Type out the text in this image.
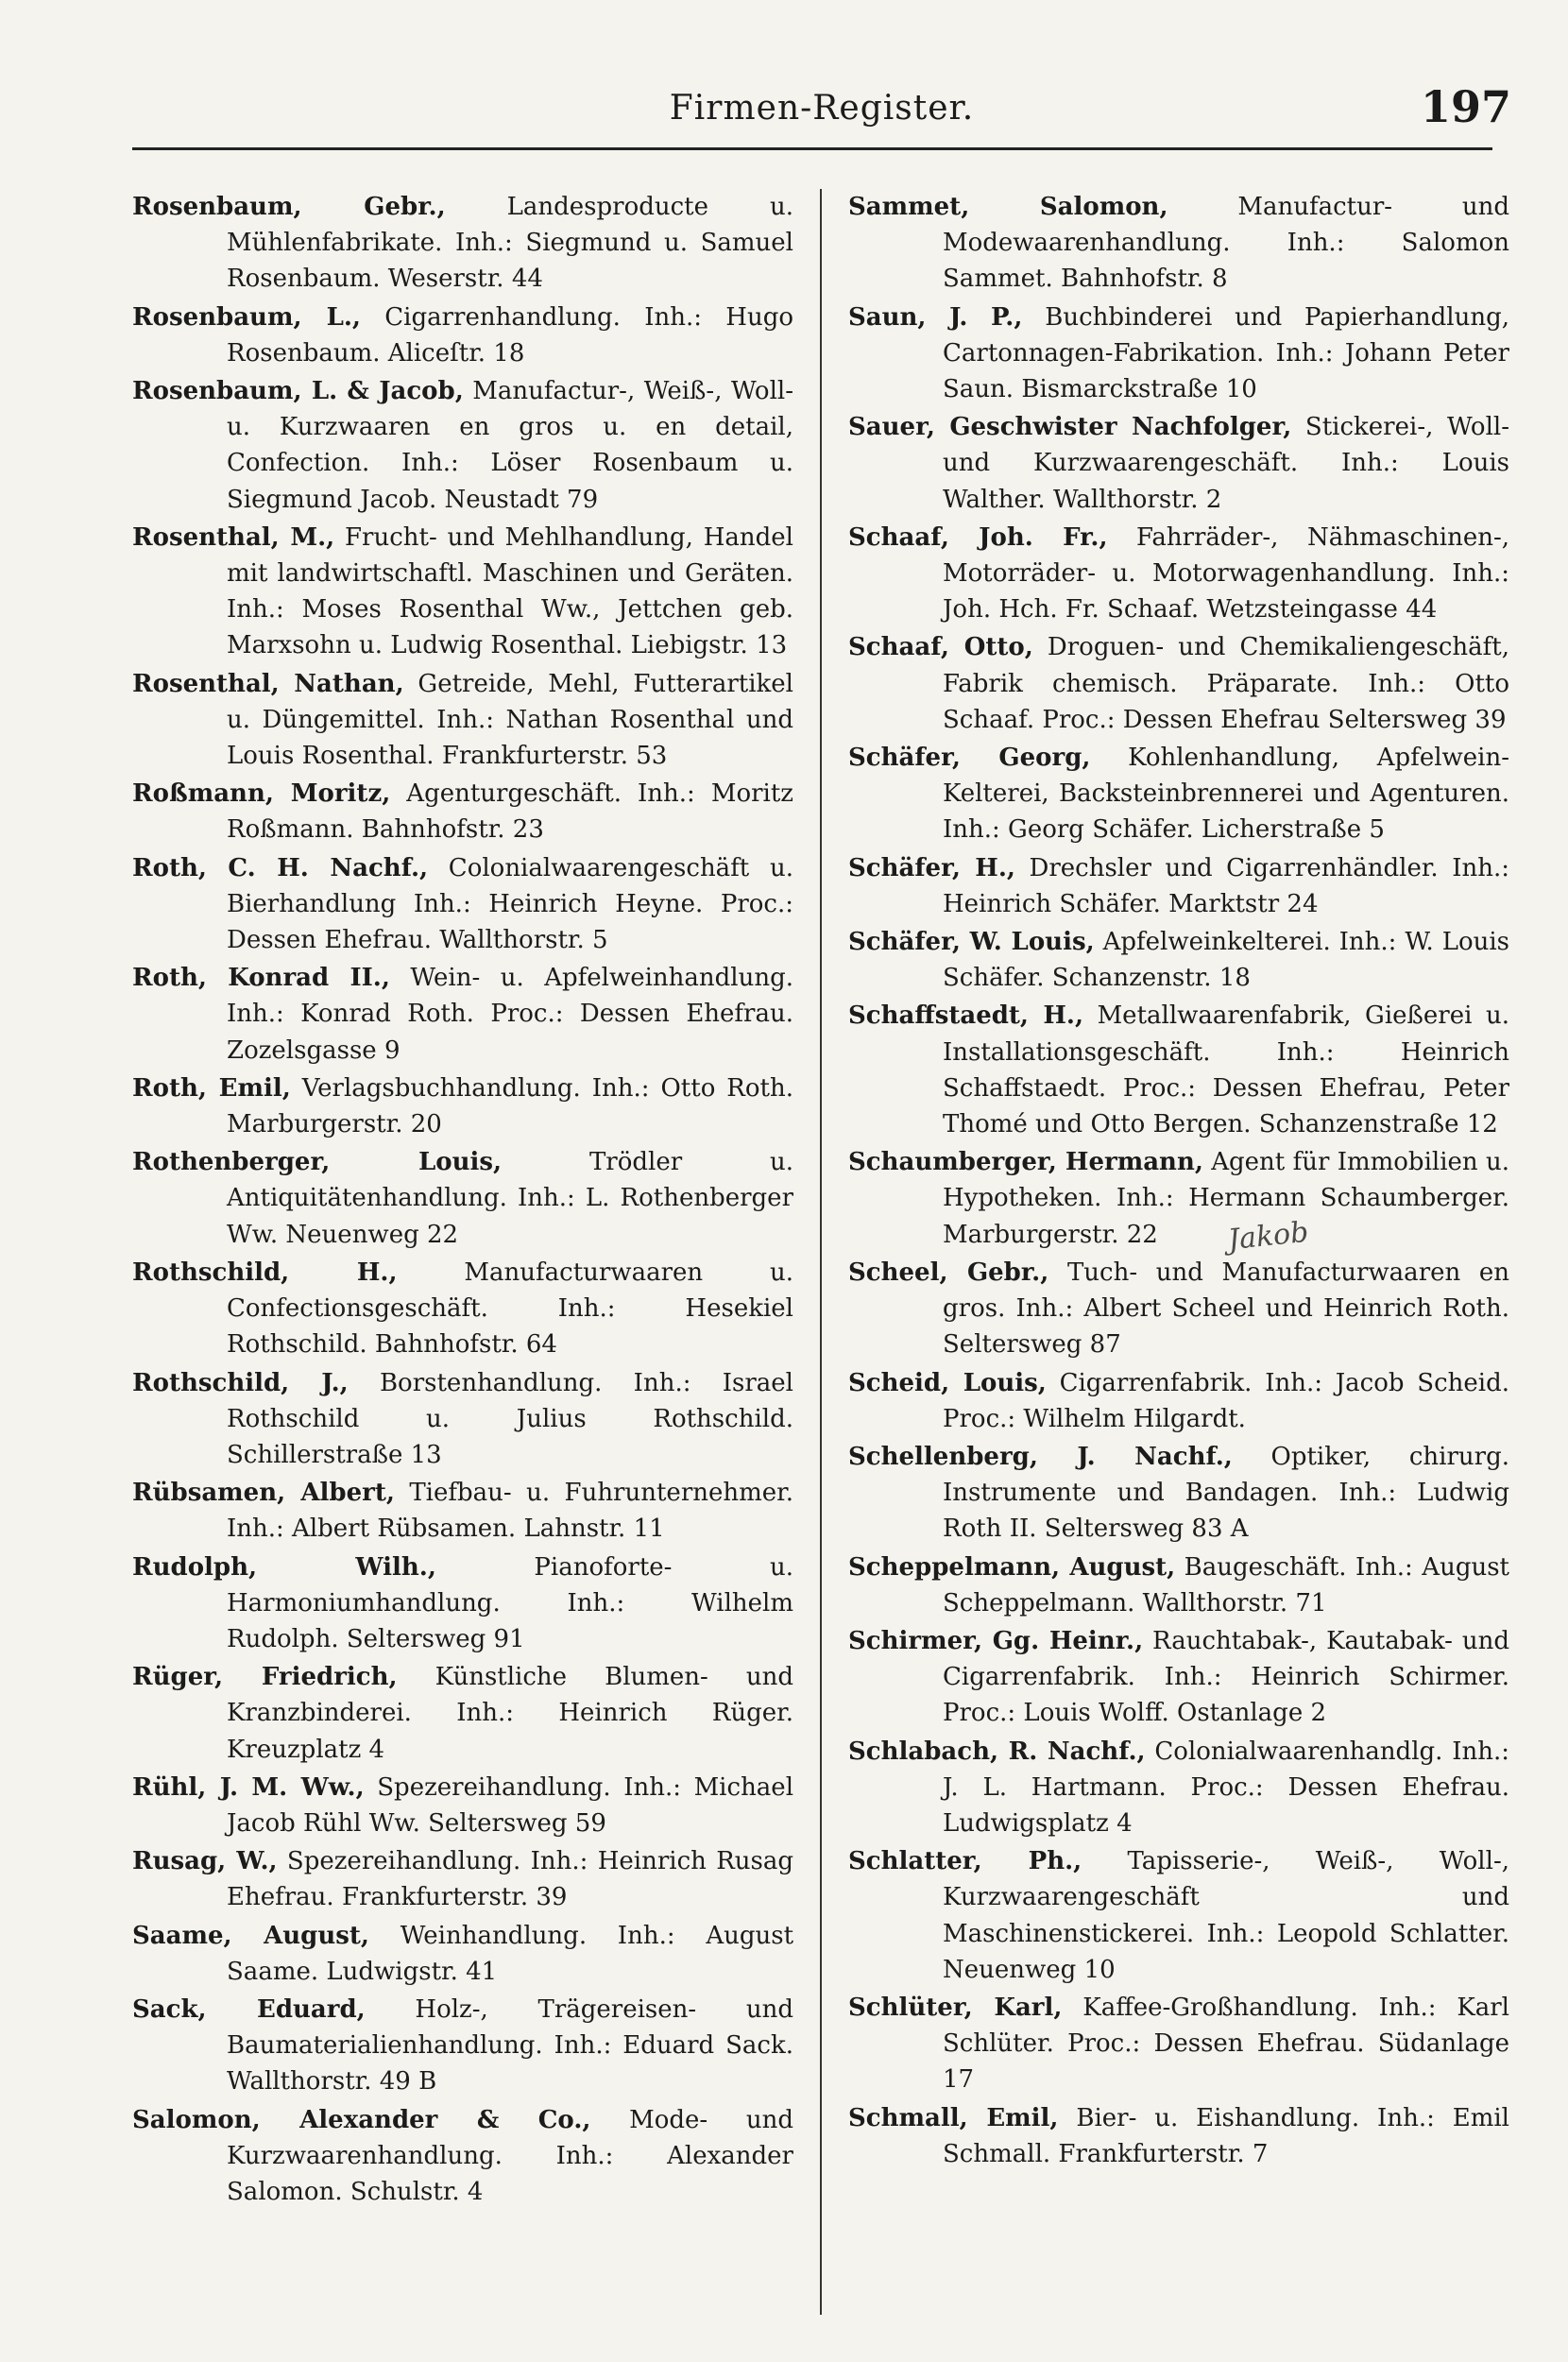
Firmen-Register.	197

Rosenbaum, Gebr., Landesproducte u. Mühlenfabrikate. Inh.: Siegmund u. Samuel Rosenbaum. Weserstr. 44

Rosenbaum, L., Cigarrenhandlung. Inh.: Hugo Rosenbaum. Aliceſtr. 18

Rosenbaum, L. & Jacob, Manufactur-, Weiß-, Woll- u. Kurzwaaren en gros u. en detail, Confection. Inh.: Löser Rosenbaum u. Siegmund Jacob. Neustadt 79

Rosenthal, M., Frucht- und Mehlhandlung, Handel mit landwirtschaftl. Maschinen und Geräten. Inh.: Moses Rosenthal Ww., Jettchen geb. Marxsohn u. Ludwig Rosenthal. Liebigstr. 13

Rosenthal, Nathan, Getreide, Mehl, Futterartikel u. Düngemittel. Inh.: Nathan Rosenthal und Louis Rosenthal. Frankfurterstr. 53

Roßmann, Moritz, Agenturgeschäft. Inh.: Moritz Roßmann. Bahnhofstr. 23

Roth, C. H. Nachf., Colonialwaarengeschäft u. Bierhandlung Inh.: Heinrich Heyne. Proc.: Dessen Ehefrau. Wallthorstr. 5

Roth, Konrad II., Wein- u. Apfelweinhandlung. Inh.: Konrad Roth. Proc.: Dessen Ehefrau. Zozelsgasse 9

Roth, Emil, Verlagsbuchhandlung. Inh.: Otto Roth. Marburgerstr. 20

Rothenberger, Louis,	Trödler u. Antiquitätenhandlung. Inh.: L. Rothenberger Ww. Neuenweg 22

Rothschild, H.,	Manufacturwaaren u. Confectionsgeschäft. Inh.: Hesekiel Rothschild. Bahnhofstr. 64

Rothschild, J., Borstenhandlung. Inh.: Israel Rothschild u. Julius Rothschild. Schillerstraße 13

Rübsamen, Albert, Tiefbau- u. Fuhrunternehmer. Inh.: Albert Rübsamen. Lahnstr. 11

Rudolph, Wilh.,	Pianoforte- u. Harmoniumhandlung. Inh.: Wilhelm Rudolph. Seltersweg 91

Rüger, Friedrich, Künstliche Blumen- und Kranzbinderei. Inh.: Heinrich Rüger. Kreuzplatz 4

Rühl, J. M. Ww., Spezereihandlung. Inh.: Michael Jacob Rühl Ww. Seltersweg 59

Rusag, W., Spezereihandlung. Inh.: Heinrich Rusag Ehefrau. Frankfurterstr. 39

Saame, August, Weinhandlung. Inh.: August Saame. Ludwigstr. 41

Sack, Eduard, Holz-, Trägereisen- und Baumaterialienhandlung. Inh.: Eduard Sack. Wallthorstr. 49 B

Salomon, Alexander & Co., Mode- und Kurzwaarenhandlung. Inh.: Alexander Salomon. Schulstr. 4

Sammet, Salomon,	Manufactur- und Modewaarenhandlung. Inh.: Salomon Sammet. Bahnhofstr. 8

Saun, J. P., Buchbinderei und Papierhandlung, Cartonnagen-Fabrikation. Inh.: Johann Peter Saun. Bismarckstraße 10

Sauer, Geschwister Nachfolger, Stickerei-, Woll- und Kurzwaarengeschäft. Inh.: Louis Walther. Wallthorstr. 2

Schaaf, Joh. Fr., Fahrräder-, Nähmaschinen-, Motorräder- u. Motorwagenhandlung. Inh.: Joh. Hch. Fr. Schaaf. Wetzsteingasse 44

Schaaf, Otto, Droguen- und Chemikaliengeschäft, Fabrik chemisch. Präparate. Inh.: Otto Schaaf. Proc.: Dessen Ehefrau Seltersweg 39

Schäfer, Georg, Kohlenhandlung, Apfelwein-Kelterei, Backsteinbrennerei und Agenturen. Inh.: Georg Schäfer. Licherstraße 5

Schäfer, H., Drechsler und Cigarrenhändler. Inh.: Heinrich Schäfer. Marktstr 24

Schäfer, W. Louis, Apfelweinkelterei. Inh.: W. Louis Schäfer. Schanzenstr. 18

Schaffstaedt, H., Metallwaarenfabrik, Gießerei u. Installationsgeschäft. Inh.: Heinrich Schaffstaedt. Proc.: Dessen Ehefrau, Peter Thomé und Otto Bergen. Schanzenstraße 12

Schaumberger, Hermann, Agent für Immobilien u. Hypotheken. Inh.: Hermann Schaumberger. Marburgerstr. 22

Scheel, Gebr., Tuch- und Manufacturwaaren en gros. Inh.: Albert Scheel und Heinrich Roth. Seltersweg 87

Scheid, Louis, Cigarrenfabrik. Inh.: Jacob Scheid. Proc.: Wilhelm Hilgardt.

Schellenberg, J. Nachf., Optiker, chirurg. Instrumente und Bandagen. Inh.: Ludwig Roth II. Seltersweg 83 A

Scheppelmann, August, Baugeschäft. Inh.: August Scheppelmann. Wallthorstr. 71

Schirmer, Gg. Heinr., Rauchtabak-, Kautabak- und Cigarrenfabrik. Inh.: Heinrich Schirmer. Proc.: Louis Wolff. Ostanlage 2

Schlabach, R. Nachf., Colonialwaarenhandlg. Inh.: J. L. Hartmann. Proc.: Dessen Ehefrau. Ludwigsplatz 4

Schlatter, Ph., Tapisserie-, Weiß-, Woll-, Kurzwaarengeschäft und Maschinenstickerei. Inh.: Leopold Schlatter. Neuenweg 10

Schlüter, Karl, Kaffee-Großhandlung. Inh.: Karl Schlüter. Proc.: Dessen Ehefrau. Südanlage 17

Schmall, Emil, Bier- u. Eishandlung. Inh.: Emil Schmall. Frankfurterstr. 7

Jakob
